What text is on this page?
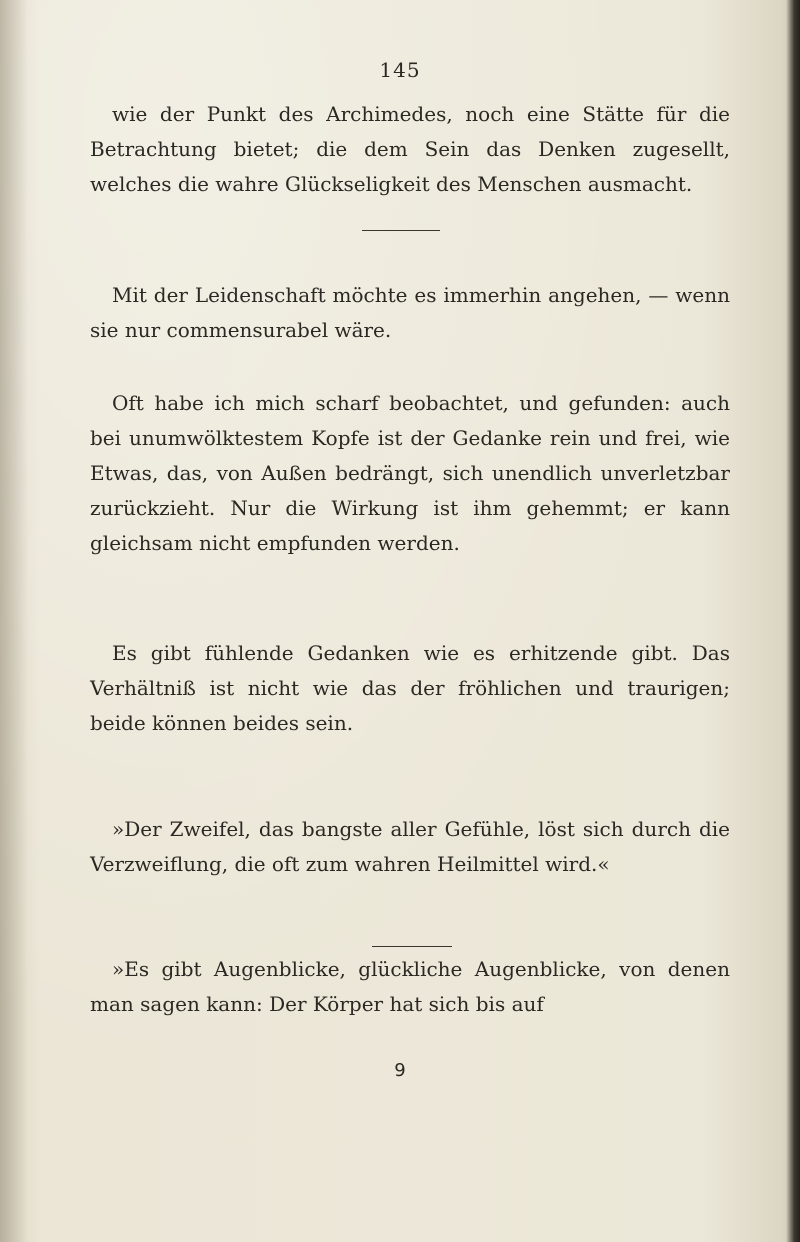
145

wie der Punkt des Archimedes, noch eine Stätte für die Betrachtung bietet; die dem Sein das Denken zugesellt, welches die wahre Glückseligkeit des Menschen ausmacht.

Mit der Leidenschaft möchte es immerhin angehen, — wenn sie nur commensurabel wäre.

Oft habe ich mich scharf beobachtet, und gefunden: auch bei unumwölktestem Kopfe ist der Gedanke rein und frei, wie Etwas, das, von Außen bedrängt, sich unendlich unverletzbar zurückzieht. Nur die Wirkung ist ihm gehemmt; er kann gleichsam nicht empfunden werden.

Es gibt fühlende Gedanken wie es erhitzende gibt. Das Verhältniß ist nicht wie das der fröhlichen und traurigen; beide können beides sein.

»Der Zweifel, das bangste aller Gefühle, löst sich durch die Verzweiflung, die oft zum wahren Heilmittel wird.«

»Es gibt Augenblicke, glückliche Augenblicke, von denen man sagen kann: Der Körper hat sich bis auf

9
